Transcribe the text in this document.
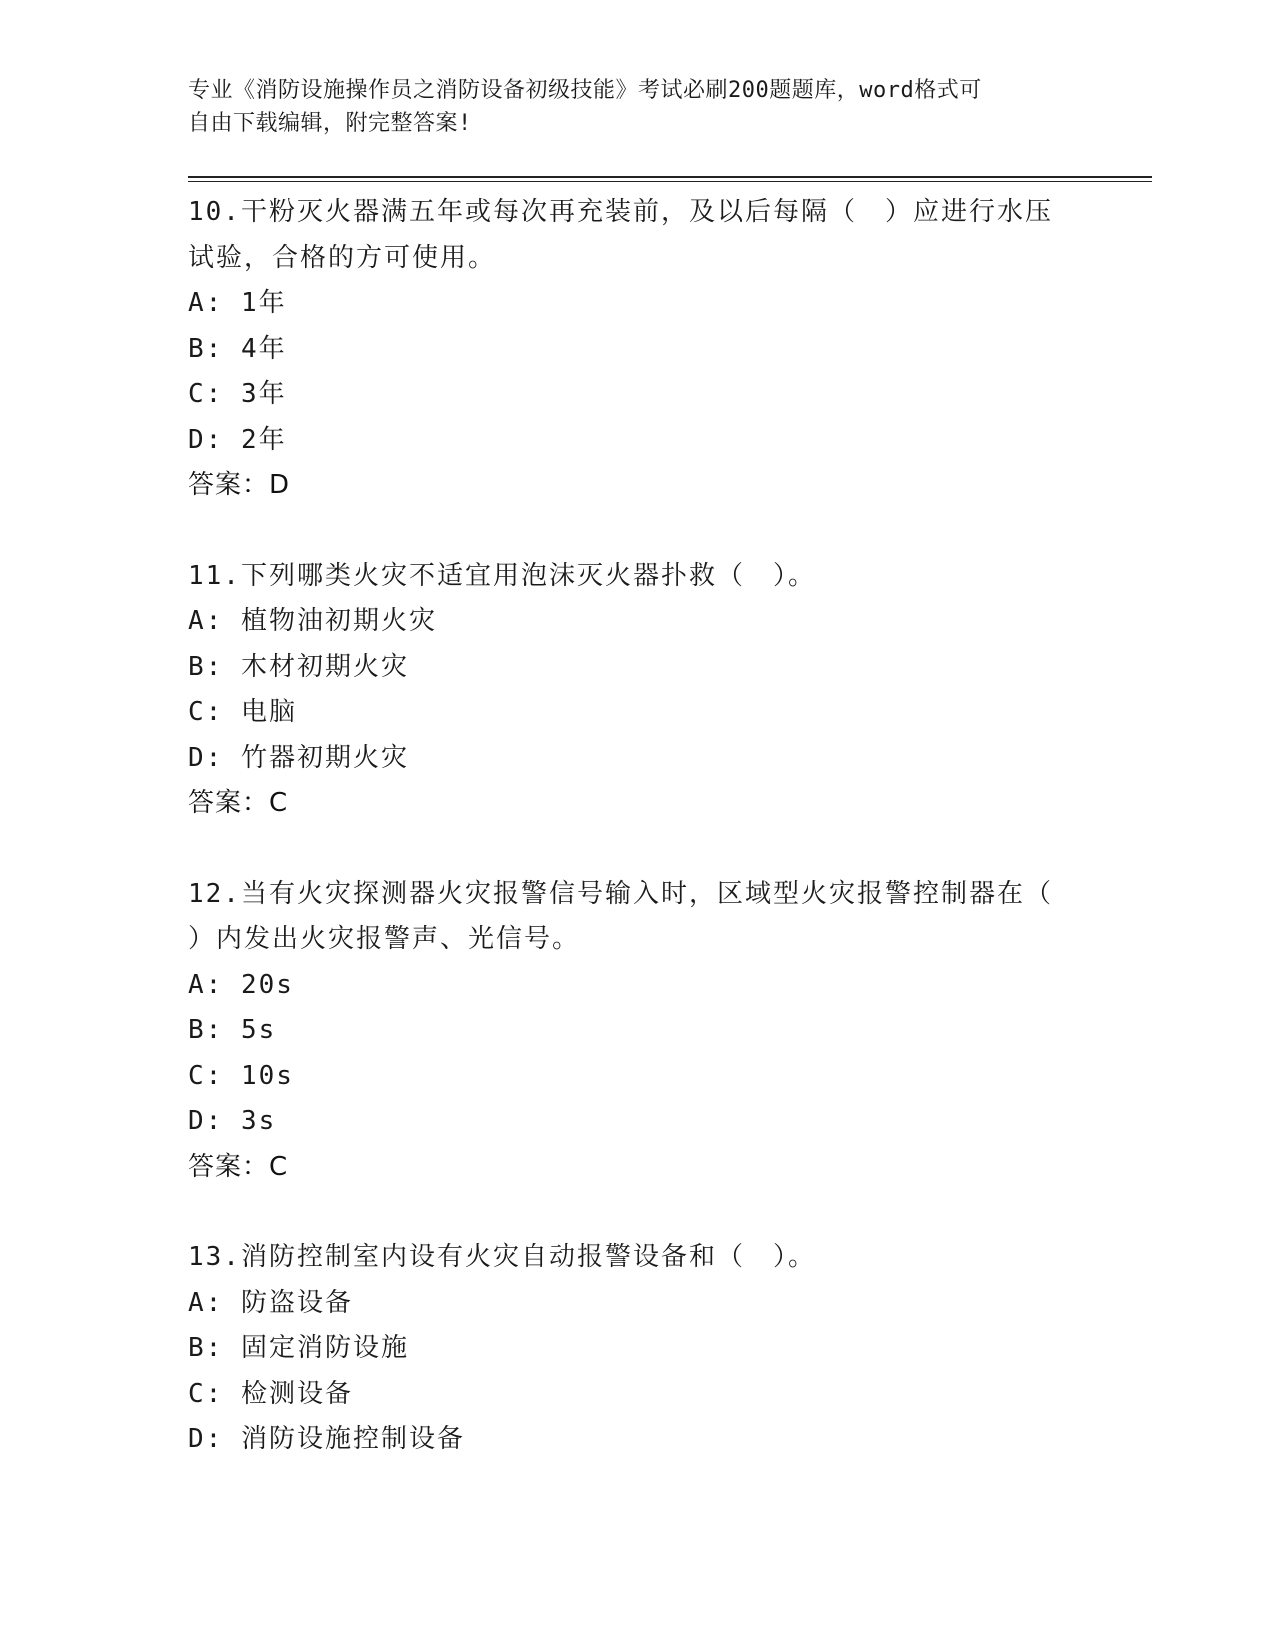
专业《消防设施操作员之消防设备初级技能》考试必刷200题题库，word格式可
自由下载编辑，附完整答案!
10.干粉灭火器满五年或每次再充装前，及以后每隔（　）应进行水压
试验，合格的方可使用。
A: 1年
B: 4年
C: 3年
D: 2年
答案：D
11.下列哪类火灾不适宜用泡沫灭火器扑救（　）。
A: 植物油初期火灾
B: 木材初期火灾
C: 电脑
D: 竹器初期火灾
答案：C
12.当有火灾探测器火灾报警信号输入时，区域型火灾报警控制器在（
）内发出火灾报警声、光信号。
A: 20s
B: 5s
C: 10s
D: 3s
答案：C
13.消防控制室内设有火灾自动报警设备和（　）。
A: 防盗设备
B: 固定消防设施
C: 检测设备
D: 消防设施控制设备
